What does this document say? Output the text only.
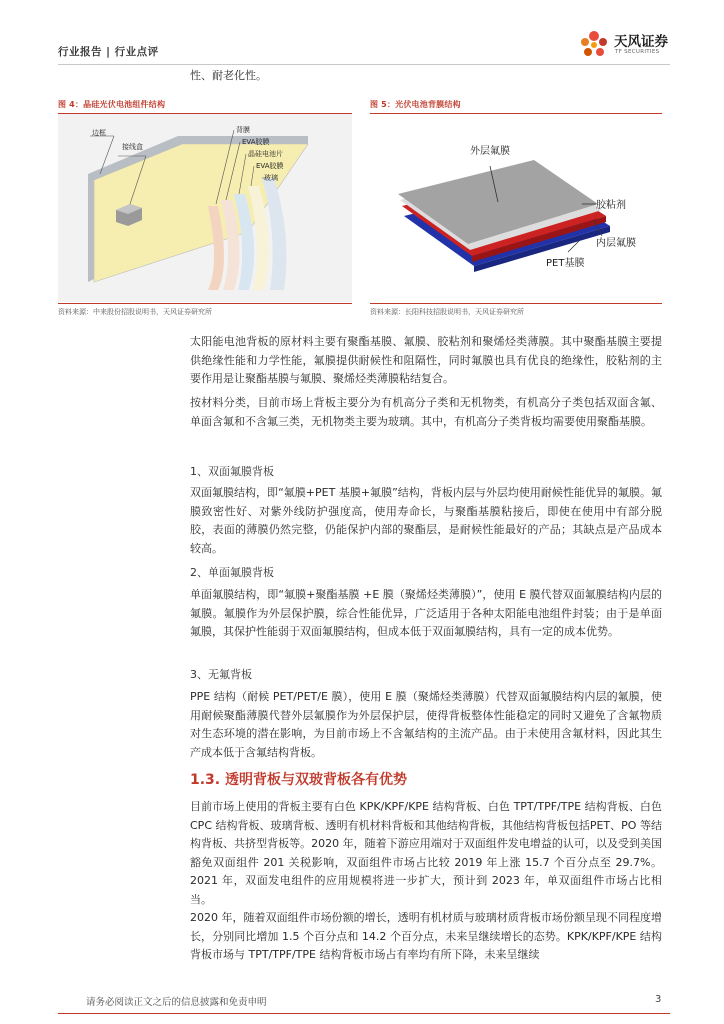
行业报告 | 行业点评
天风证券
TF SECURITIES

性、耐老化性。

图 4：晶硅光伏电池组件结构
边框
接线盒
背膜
EVA胶膜
晶硅电池片
EVA胶膜
玻璃
资料来源：中来股份招股说明书，天风证券研究所
图 5：光伏电池背膜结构
外层氟膜
胶粘剂
内层氟膜
PET基膜
资料来源：长阳科技招股说明书，天风证券研究所

太阳能电池背板的原材料主要有聚酯基膜、氟膜、胶粘剂和聚烯烃类薄膜。其中聚酯基膜主要提供绝缘性能和力学性能，氟膜提供耐候性和阻隔性，同时氟膜也具有优良的绝缘性，胶粘剂的主要作用是让聚酯基膜与氟膜、聚烯烃类薄膜粘结复合。

按材料分类，目前市场上背板主要分为有机高分子类和无机物类，有机高分子类包括双面含氟、单面含氟和不含氟三类，无机物类主要为玻璃。其中，有机高分子类背板均需要使用聚酯基膜。

1、双面氟膜背板

双面氟膜结构，即“氟膜+PET 基膜+氟膜”结构，背板内层与外层均使用耐候性能优异的氟膜。氟膜致密性好、对紫外线防护强度高，使用寿命长，与聚酯基膜粘接后，即使在使用中有部分脱胶，表面的薄膜仍然完整，仍能保护内部的聚酯层，是耐候性能最好的产品；其缺点是产品成本较高。

2、单面氟膜背板

单面氟膜结构，即“氟膜+聚酯基膜 +E 膜（聚烯烃类薄膜）”，使用 E 膜代替双面氟膜结构内层的氟膜。氟膜作为外层保护膜，综合性能优异，广泛适用于各种太阳能电池组件封装；由于是单面氟膜，其保护性能弱于双面氟膜结构，但成本低于双面氟膜结构，具有一定的成本优势。

3、无氟背板

PPE 结构（耐候 PET/PET/E 膜），使用 E 膜（聚烯烃类薄膜）代替双面氟膜结构内层的氟膜，使用耐候聚酯薄膜代替外层氟膜作为外层保护层，使得背板整体性能稳定的同时又避免了含氟物质对生态环境的潜在影响，为目前市场上不含氟结构的主流产品。由于未使用含氟材料，因此其生产成本低于含氟结构背板。

1.3. 透明背板与双玻背板各有优势

目前市场上使用的背板主要有白色 KPK/KPF/KPE 结构背板、白色 TPT/TPF/TPE 结构背板、白色 CPC 结构背板、玻璃背板、透明有机材料背板和其他结构背板，其他结构背板包括PET、PO 等结构背板、共挤型背板等。2020 年，随着下游应用端对于双面组件发电增益的认可，以及受到美国豁免双面组件 201 关税影响，双面组件市场占比较 2019 年上涨 15.7 个百分点至 29.7%。2021 年，双面发电组件的应用规模将进一步扩大，预计到 2023 年，单双面组件市场占比相当。

2020 年，随着双面组件市场份额的增长，透明有机材质与玻璃材质背板市场份额呈现不同程度增长，分别同比增加 1.5 个百分点和 14.2 个百分点，未来呈继续增长的态势。KPK/KPF/KPE 结构背板市场与 TPT/TPF/TPE 结构背板市场占有率均有所下降，未来呈继续

请务必阅读正文之后的信息披露和免责申明	3
